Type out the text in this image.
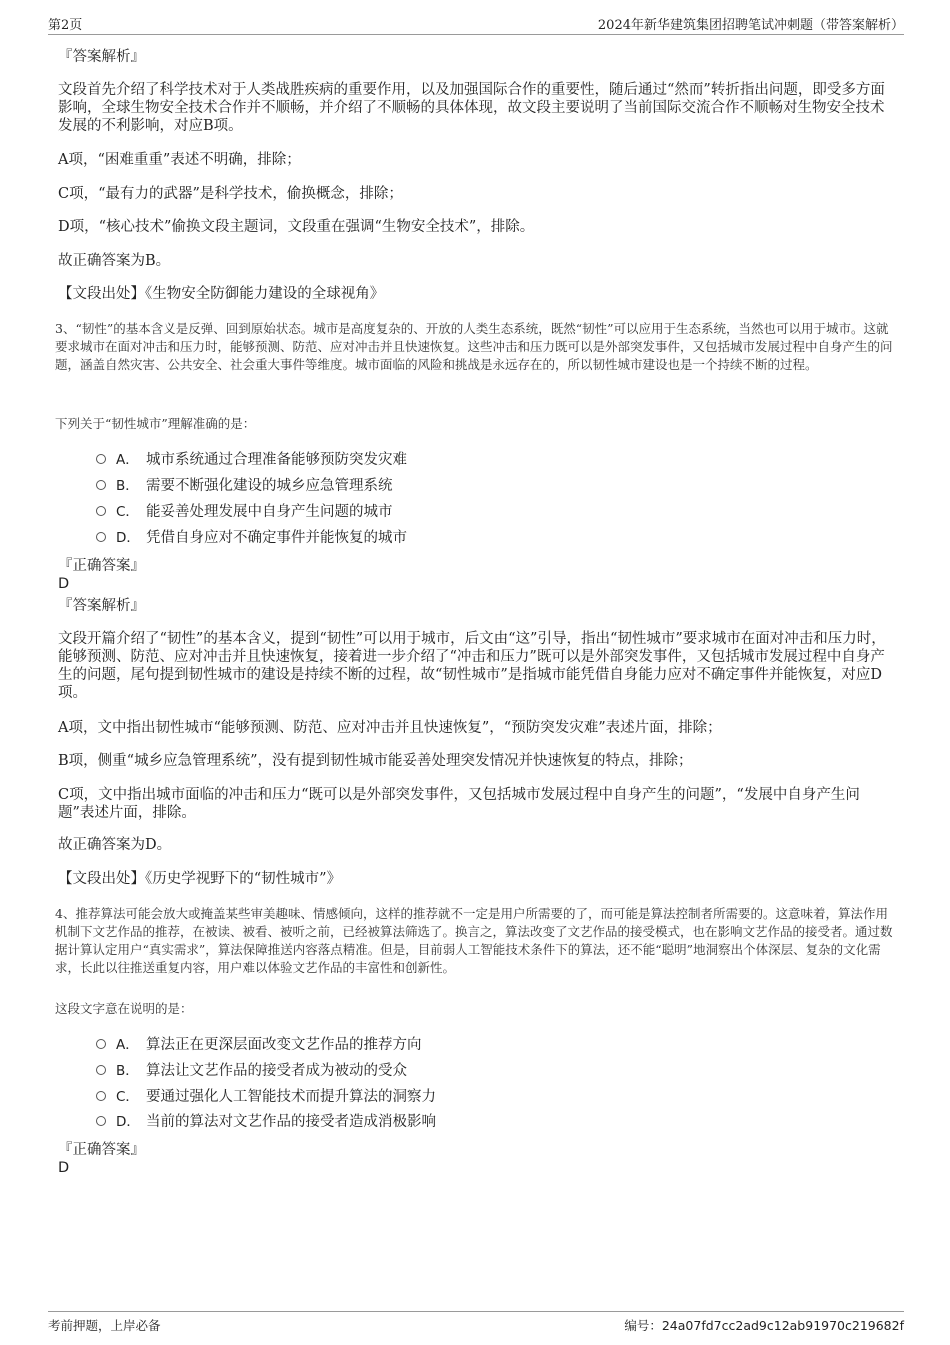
第2页	2024年新华建筑集团招聘笔试冲刺题（带答案解析）
『答案解析』
文段首先介绍了科学技术对于人类战胜疾病的重要作用，以及加强国际合作的重要性，随后通过“然而”转折指出问题，即受多方面影响，全球生物安全技术合作并不顺畅，并介绍了不顺畅的具体体现，故文段主要说明了当前国际交流合作不顺畅对生物安全技术发展的不利影响，对应B项。
A项，“困难重重”表述不明确，排除；
C项，“最有力的武器”是科学技术，偷换概念，排除；
D项，“核心技术”偷换文段主题词，文段重在强调“生物安全技术”，排除。
故正确答案为B。
【文段出处】《生物安全防御能力建设的全球视角》
3、“韧性”的基本含义是反弹、回到原始状态。城市是高度复杂的、开放的人类生态系统，既然“韧性”可以应用于生态系统，当然也可以用于城市。这就要求城市在面对冲击和压力时，能够预测、防范、应对冲击并且快速恢复。这些冲击和压力既可以是外部突发事件，又包括城市发展过程中自身产生的问题，涵盖自然灾害、公共安全、社会重大事件等维度。城市面临的风险和挑战是永远存在的，所以韧性城市建设也是一个持续不断的过程。
下列关于“韧性城市”理解准确的是：
A． 城市系统通过合理准备能够预防突发灾难
B． 需要不断强化建设的城乡应急管理系统
C． 能妥善处理发展中自身产生问题的城市
D． 凭借自身应对不确定事件并能恢复的城市
『正确答案』
D
『答案解析』
文段开篇介绍了“韧性”的基本含义，提到“韧性”可以用于城市，后文由“这”引导，指出“韧性城市”要求城市在面对冲击和压力时，能够预测、防范、应对冲击并且快速恢复，接着进一步介绍了“冲击和压力”既可以是外部突发事件，又包括城市发展过程中自身产生的问题，尾句提到韧性城市的建设是持续不断的过程，故“韧性城市”是指城市能凭借自身能力应对不确定事件并能恢复，对应D项。
A项，文中指出韧性城市“能够预测、防范、应对冲击并且快速恢复”，“预防突发灾难”表述片面，排除；
B项，侧重“城乡应急管理系统”，没有提到韧性城市能妥善处理突发情况并快速恢复的特点，排除；
C项，文中指出城市面临的冲击和压力“既可以是外部突发事件，又包括城市发展过程中自身产生的问题”，“发展中自身产生问题”表述片面，排除。
故正确答案为D。
【文段出处】《历史学视野下的“韧性城市”》
4、推荐算法可能会放大或掩盖某些审美趣味、情感倾向，这样的推荐就不一定是用户所需要的了，而可能是算法控制者所需要的。这意味着，算法作用机制下文艺作品的推荐，在被读、被看、被听之前，已经被算法筛选了。换言之，算法改变了文艺作品的接受模式，也在影响文艺作品的接受者。通过数据计算认定用户“真实需求”，算法保障推送内容落点精准。但是，目前弱人工智能技术条件下的算法，还不能“聪明”地洞察出个体深层、复杂的文化需求，长此以往推送重复内容，用户难以体验文艺作品的丰富性和创新性。
这段文字意在说明的是：
A． 算法正在更深层面改变文艺作品的推荐方向
B． 算法让文艺作品的接受者成为被动的受众
C． 要通过强化人工智能技术而提升算法的洞察力
D． 当前的算法对文艺作品的接受者造成消极影响
『正确答案』
D
考前押题，上岸必备	编号：24a07fd7cc2ad9c12ab91970c219682f
